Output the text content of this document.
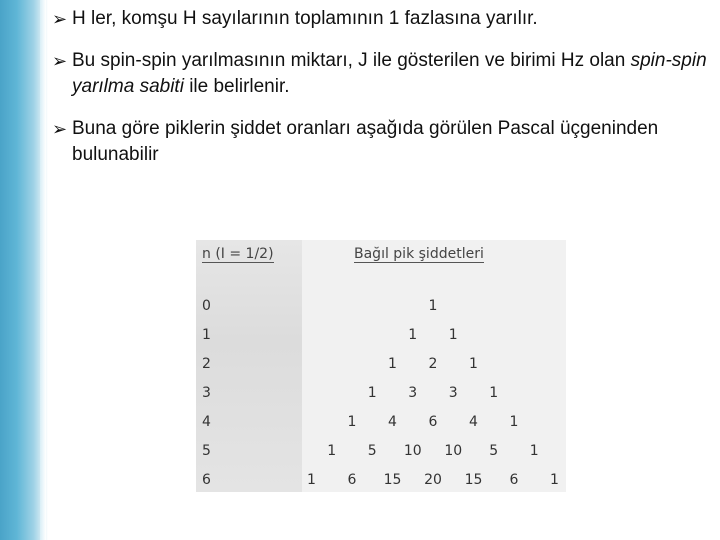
➢ H ler, komşu H sayılarının toplamının 1 fazlasına yarılır.
➢ Bu spin-spin yarılmasının miktarı, J ile gösterilen ve birimi Hz olan spin-spin yarılma sabiti ile belirlenir.
➢ Buna göre piklerin şiddet oranları aşağıda görülen Pascal üçgeninden bulunabilir
n (I = 1/2)	Bağıl pik şiddetleri
0	1
1	1 1
2	1 2 1
3	1 3 3 1
4	1 4 6 4 1
5	1 5 10 10 5 1
6	1 6 15 20 15 6 1
